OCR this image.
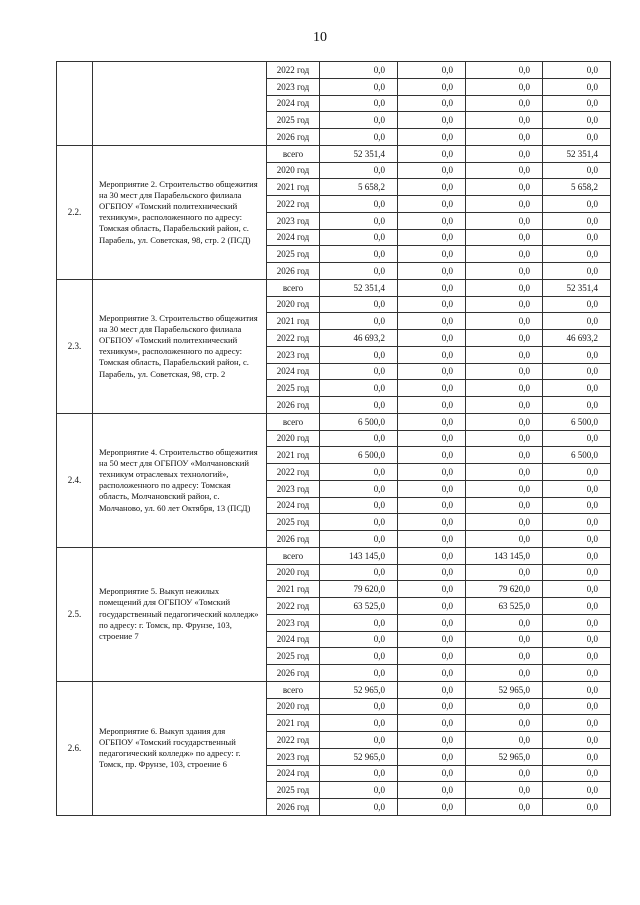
10
		2022 год	0,0	0,0	0,0	0,0
		2023 год	0,0	0,0	0,0	0,0
		2024 год	0,0	0,0	0,0	0,0
		2025 год	0,0	0,0	0,0	0,0
		2026 год	0,0	0,0	0,0	0,0
2.2.	Мероприятие 2. Строительство общежития на 30 мест для Парабельского филиала ОГБПОУ «Томский политехнический техникум», расположенного по адресу: Томская область, Парабельский район, с. Парабель, ул. Советская, 98, стр. 2 (ПСД)	всего	52 351,4	0,0	0,0	52 351,4
		2020 год	0,0	0,0	0,0	0,0
		2021 год	5 658,2	0,0	0,0	5 658,2
		2022 год	0,0	0,0	0,0	0,0
		2023 год	0,0	0,0	0,0	0,0
		2024 год	0,0	0,0	0,0	0,0
		2025 год	0,0	0,0	0,0	0,0
		2026 год	0,0	0,0	0,0	0,0
2.3.	Мероприятие 3. Строительство общежития на 30 мест для Парабельского филиала ОГБПОУ «Томский политехнический техникум», расположенного по адресу: Томская область, Парабельский район, с. Парабель, ул. Советская, 98, стр. 2	всего	52 351,4	0,0	0,0	52 351,4
		2020 год	0,0	0,0	0,0	0,0
		2021 год	0,0	0,0	0,0	0,0
		2022 год	46 693,2	0,0	0,0	46 693,2
		2023 год	0,0	0,0	0,0	0,0
		2024 год	0,0	0,0	0,0	0,0
		2025 год	0,0	0,0	0,0	0,0
		2026 год	0,0	0,0	0,0	0,0
2.4.	Мероприятие 4. Строительство общежития на 50 мест для ОГБПОУ «Молчановский техникум отраслевых технологий», расположенного по адресу: Томская область, Молчановский район, с. Молчаново, ул. 60 лет Октября, 13 (ПСД)	всего	6 500,0	0,0	0,0	6 500,0
		2020 год	0,0	0,0	0,0	0,0
		2021 год	6 500,0	0,0	0,0	6 500,0
		2022 год	0,0	0,0	0,0	0,0
		2023 год	0,0	0,0	0,0	0,0
		2024 год	0,0	0,0	0,0	0,0
		2025 год	0,0	0,0	0,0	0,0
		2026 год	0,0	0,0	0,0	0,0
2.5.	Мероприятие 5. Выкуп нежилых помещений для ОГБПОУ «Томский государственный педагогический колледж» по адресу: г. Томск, пр. Фрунзе, 103, строение 7	всего	143 145,0	0,0	143 145,0	0,0
		2020 год	0,0	0,0	0,0	0,0
		2021 год	79 620,0	0,0	79 620,0	0,0
		2022 год	63 525,0	0,0	63 525,0	0,0
		2023 год	0,0	0,0	0,0	0,0
		2024 год	0,0	0,0	0,0	0,0
		2025 год	0,0	0,0	0,0	0,0
		2026 год	0,0	0,0	0,0	0,0
2.6.	Мероприятие 6. Выкуп здания для ОГБПОУ «Томский государственный педагогический колледж» по адресу: г. Томск, пр. Фрунзе, 103, строение 6	всего	52 965,0	0,0	52 965,0	0,0
		2020 год	0,0	0,0	0,0	0,0
		2021 год	0,0	0,0	0,0	0,0
		2022 год	0,0	0,0	0,0	0,0
		2023 год	52 965,0	0,0	52 965,0	0,0
		2024 год	0,0	0,0	0,0	0,0
		2025 год	0,0	0,0	0,0	0,0
		2026 год	0,0	0,0	0,0	0,0
